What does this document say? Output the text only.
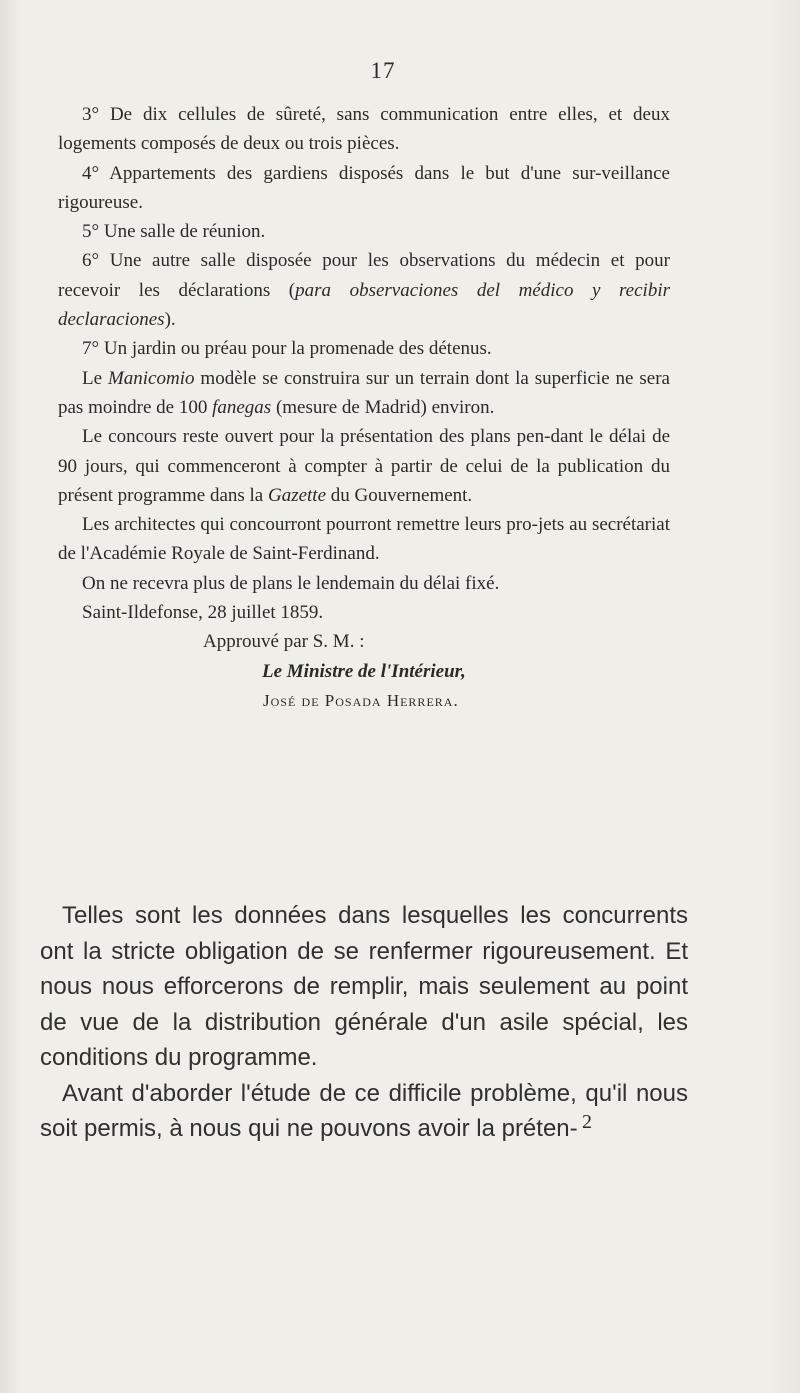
17

3° De dix cellules de sûreté, sans communication entre elles, et deux logements composés de deux ou trois pièces.

4° Appartements des gardiens disposés dans le but d'une sur-veillance rigoureuse.

5° Une salle de réunion.

6° Une autre salle disposée pour les observations du médecin et pour recevoir les déclarations (para observaciones del médico y recibir declaraciones).

7° Un jardin ou préau pour la promenade des détenus.

Le Manicomio modèle se construira sur un terrain dont la superficie ne sera pas moindre de 100 fanegas (mesure de Madrid) environ.

Le concours reste ouvert pour la présentation des plans pen-dant le délai de 90 jours, qui commenceront à compter à partir de celui de la publication du présent programme dans la Gazette du Gouvernement.

Les architectes qui concourront pourront remettre leurs pro-jets au secrétariat de l'Académie Royale de Saint-Ferdinand.

On ne recevra plus de plans le lendemain du délai fixé.

Saint-Ildefonse, 28 juillet 1859.

Approuvé par S. M. :

Le Ministre de l'Intérieur,

José de Posada Herrera.

Telles sont les données dans lesquelles les concurrents ont la stricte obligation de se renfermer rigoureusement. Et nous nous efforcerons de remplir, mais seulement au point de vue de la distribution générale d'un asile spécial, les conditions du programme.

Avant d'aborder l'étude de ce difficile problème, qu'il nous soit permis, à nous qui ne pouvons avoir la préten- 2
